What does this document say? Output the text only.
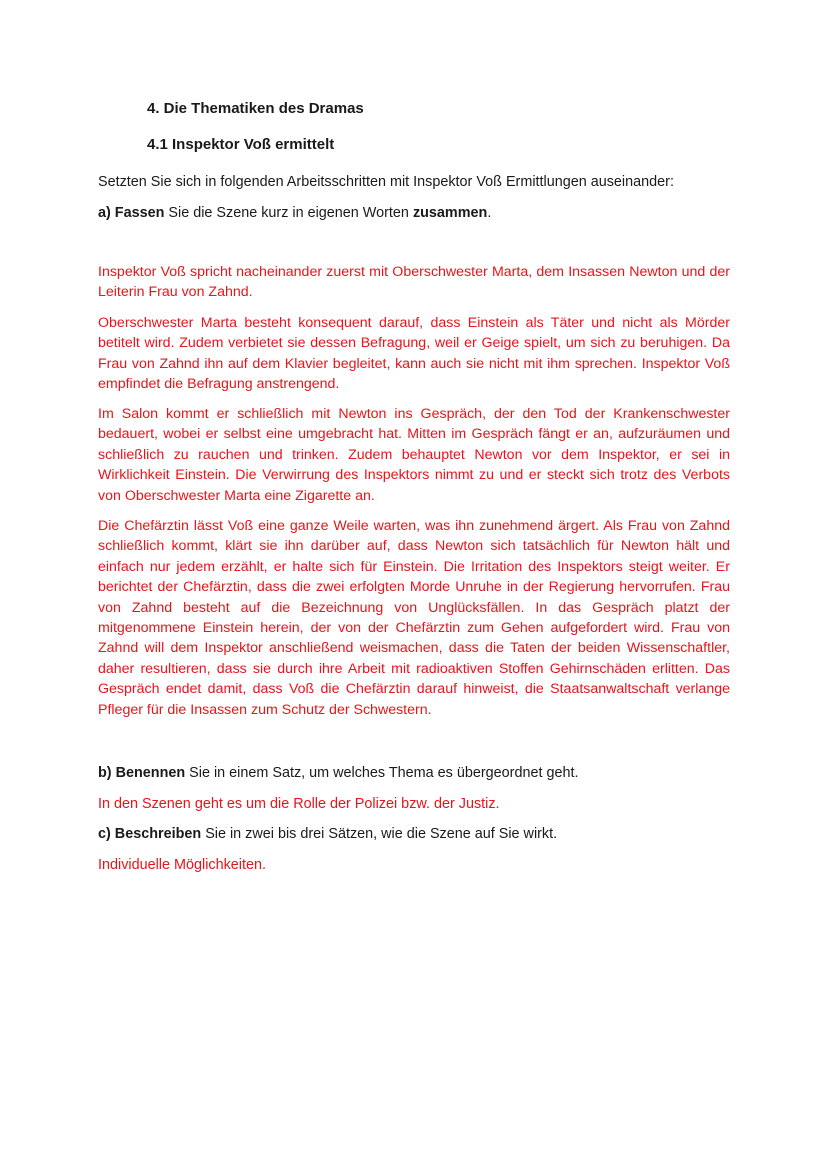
4. Die Thematiken des Dramas
4.1 Inspektor Voß ermittelt
Setzten Sie sich in folgenden Arbeitsschritten mit Inspektor Voß Ermittlungen auseinander:
a) Fassen Sie die Szene kurz in eigenen Worten zusammen.

Inspektor Voß spricht nacheinander zuerst mit Oberschwester Marta, dem Insassen Newton und der Leiterin Frau von Zahnd.

Oberschwester Marta besteht konsequent darauf, dass Einstein als Täter und nicht als Mörder betitelt wird. Zudem verbietet sie dessen Befragung, weil er Geige spielt, um sich zu beruhigen. Da Frau von Zahnd ihn auf dem Klavier begleitet, kann auch sie nicht mit ihm sprechen. Inspektor Voß empfindet die Befragung anstrengend.

Im Salon kommt er schließlich mit Newton ins Gespräch, der den Tod der Krankenschwester bedauert, wobei er selbst eine umgebracht hat. Mitten im Gespräch fängt er an, aufzuräumen und schließlich zu rauchen und trinken. Zudem behauptet Newton vor dem Inspektor, er sei in Wirklichkeit Einstein. Die Verwirrung des Inspektors nimmt zu und er steckt sich trotz des Verbots von Oberschwester Marta eine Zigarette an.

Die Chefärztin lässt Voß eine ganze Weile warten, was ihn zunehmend ärgert. Als Frau von Zahnd schließlich kommt, klärt sie ihn darüber auf, dass Newton sich tatsächlich für Newton hält und einfach nur jedem erzählt, er halte sich für Einstein. Die Irritation des Inspektors steigt weiter. Er berichtet der Chefärztin, dass die zwei erfolgten Morde Unruhe in der Regierung hervorrufen. Frau von Zahnd besteht auf die Bezeichnung von Unglücksfällen. In das Gespräch platzt der mitgenommene Einstein herein, der von der Chefärztin zum Gehen aufgefordert wird. Frau von Zahnd will dem Inspektor anschließend weismachen, dass die Taten der beiden Wissenschaftler, daher resultieren, dass sie durch ihre Arbeit mit radioaktiven Stoffen Gehirnschäden erlitten. Das Gespräch endet damit, dass Voß die Chefärztin darauf hinweist, die Staatsanwaltschaft verlange Pfleger für die Insassen zum Schutz der Schwestern.

b) Benennen Sie in einem Satz, um welches Thema es übergeordnet geht.
In den Szenen geht es um die Rolle der Polizei bzw. der Justiz.
c) Beschreiben Sie in zwei bis drei Sätzen, wie die Szene auf Sie wirkt.
Individuelle Möglichkeiten.
